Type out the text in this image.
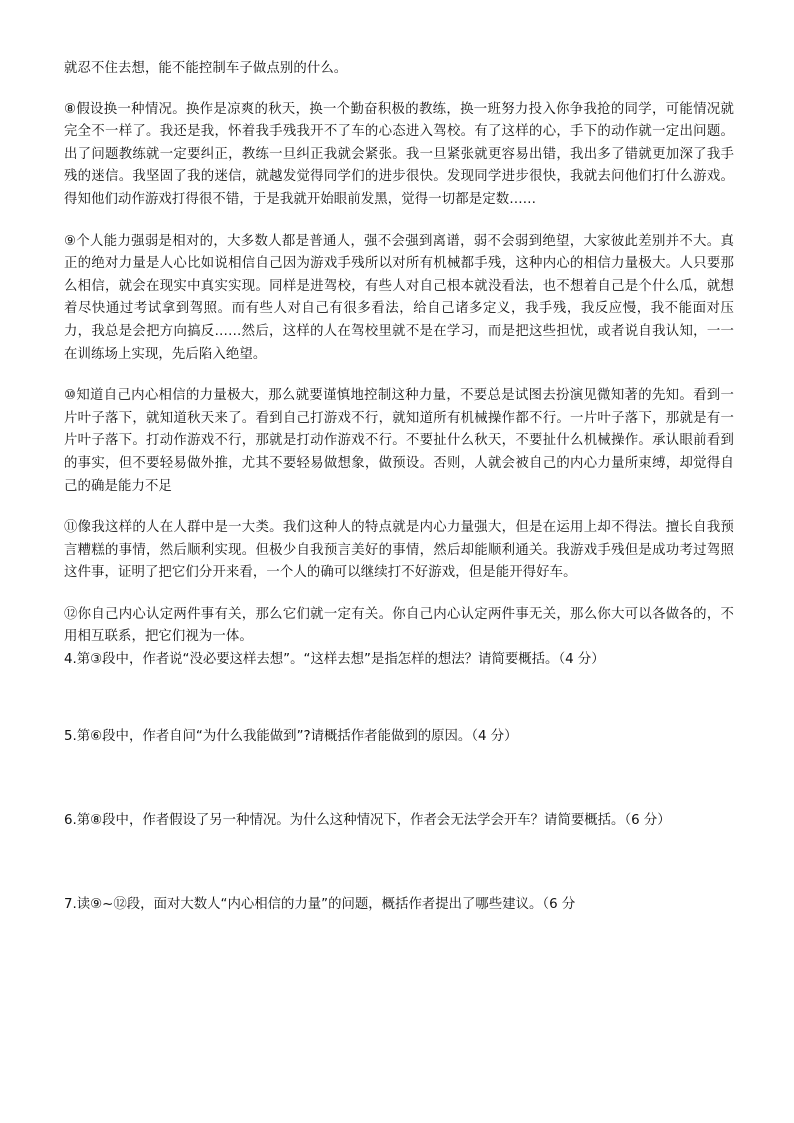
就忍不住去想，能不能控制车子做点别的什么。

⑧假设换一种情况。换作是凉爽的秋天，换一个勤奋积极的教练，换一班努力投入你争我抢的同学，可能情况就完全不一样了。我还是我，怀着我手残我开不了车的心态进入驾校。有了这样的心，手下的动作就一定出问题。出了问题教练就一定要纠正，教练一旦纠正我就会紧张。我一旦紧张就更容易出错，我出多了错就更加深了我手残的迷信。我坚固了我的迷信，就越发觉得同学们的进步很快。发现同学进步很快，我就去问他们打什么游戏。得知他们动作游戏打得很不错，于是我就开始眼前发黑，觉得一切都是定数……

⑨个人能力强弱是相对的，大多数人都是普通人，强不会强到离谱，弱不会弱到绝望，大家彼此差别并不大。真正的绝对力量是人心比如说相信自己因为游戏手残所以对所有机械都手残，这种内心的相信力量极大。人只要那么相信，就会在现实中真实实现。同样是进驾校，有些人对自己根本就没看法，也不想着自己是个什么瓜，就想着尽快通过考试拿到驾照。而有些人对自己有很多看法，给自己诸多定义，我手残，我反应慢，我不能面对压力，我总是会把方向搞反……然后，这样的人在驾校里就不是在学习，而是把这些担忧，或者说自我认知，一一在训练场上实现，先后陷入绝望。

⑩知道自己内心相信的力量极大，那么就要谨慎地控制这种力量，不要总是试图去扮演见微知著的先知。看到一片叶子落下，就知道秋天来了。看到自己打游戏不行，就知道所有机械操作都不行。一片叶子落下，那就是有一片叶子落下。打动作游戏不行，那就是打动作游戏不行。不要扯什么秋天，不要扯什么机械操作。承认眼前看到的事实，但不要轻易做外推，尤其不要轻易做想象，做预设。否则，人就会被自己的内心力量所束缚，却觉得自己的确是能力不足

⑪像我这样的人在人群中是一大类。我们这种人的特点就是内心力量强大，但是在运用上却不得法。擅长自我预言糟糕的事情，然后顺利实现。但极少自我预言美好的事情，然后却能顺利通关。我游戏手残但是成功考过驾照这件事，证明了把它们分开来看，一个人的确可以继续打不好游戏，但是能开得好车。

⑫你自己内心认定两件事有关，那么它们就一定有关。你自己内心认定两件事无关，那么你大可以各做各的，不用相互联系，把它们视为一体。

4.第③段中，作者说“没必要这样去想”。“这样去想”是指怎样的想法？请简要概括。（4 分）

5.第⑥段中，作者自问“为什么我能做到”?请概括作者能做到的原因。（4 分）

6.第⑧段中，作者假设了另一种情况。为什么这种情况下，作者会无法学会开车？请简要概括。（6 分）

7.读⑨~⑫段，面对大数人“内心相信的力量”的问题，概括作者提出了哪些建议。（6 分
